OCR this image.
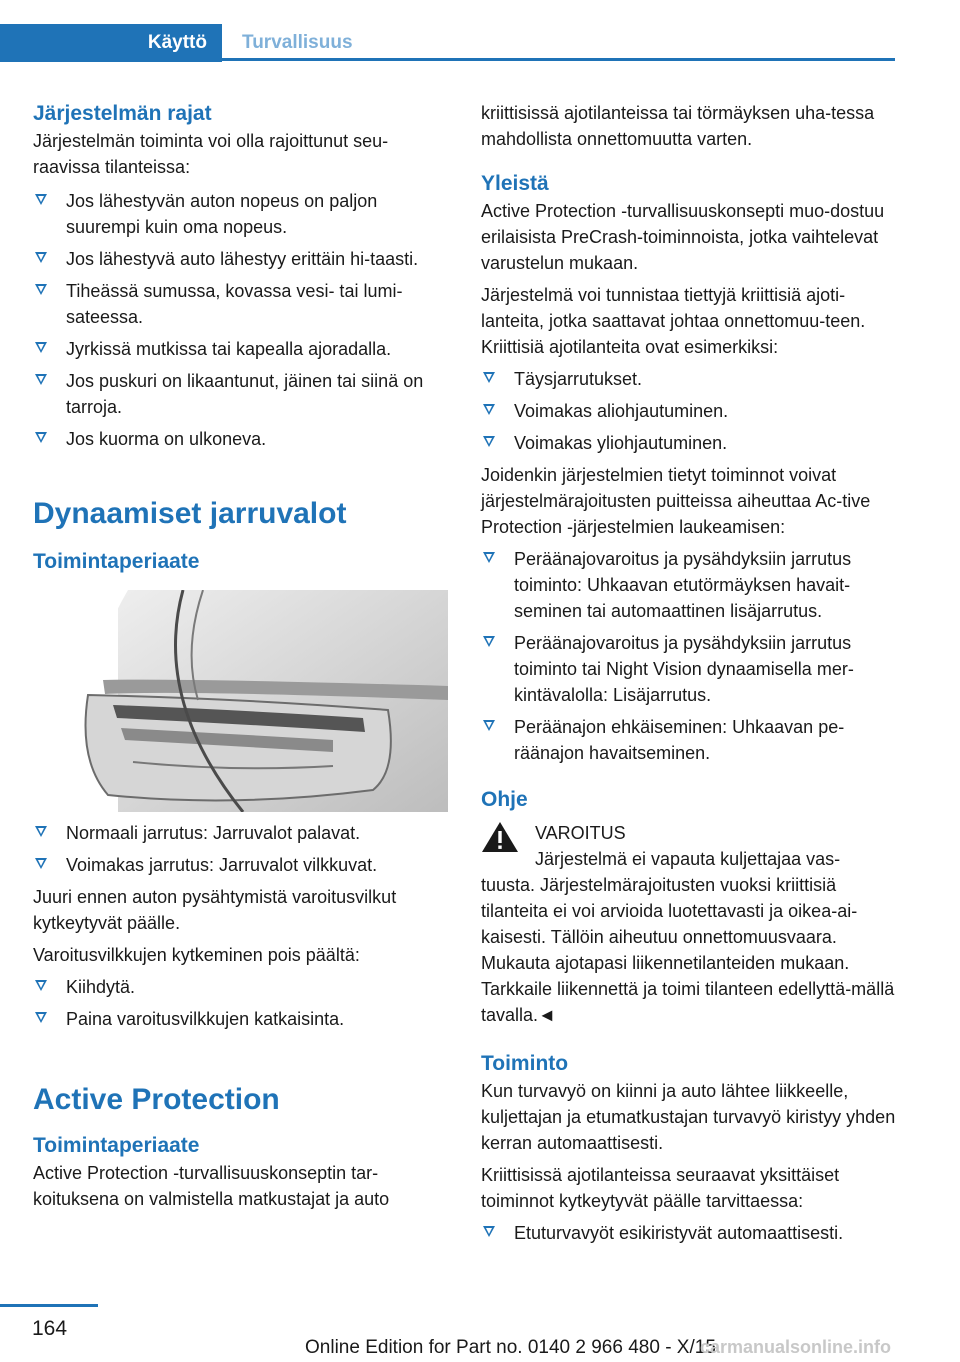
Käyttö	Turvallisuus
Järjestelmän rajat

Järjestelmän toiminta voi olla rajoittunut seu-raavissa tilanteissa:

Jos lähestyvän auton nopeus on paljon suurempi kuin oma nopeus.
Jos lähestyvä auto lähestyy erittäin hi-taasti.
Tiheässä sumussa, kovassa vesi- tai lumi-sateessa.
Jyrkissä mutkissa tai kapealla ajoradalla.
Jos puskuri on likaantunut, jäinen tai siinä on tarroja.
Jos kuorma on ulkoneva.
Dynaamiset jarruvalot
Toimintaperiaate
Normaali jarrutus: Jarruvalot palavat.
Voimakas jarrutus: Jarruvalot vilkkuvat.

Juuri ennen auton pysähtymistä varoitusvilkut kytkeytyvät päälle.

Varoitusvilkkujen kytkeminen pois päältä:

Kiihdytä.
Paina varoitusvilkkujen katkaisinta.
Active Protection
Toimintaperiaate

Active Protection -turvallisuuskonseptin tar-koituksena on valmistella matkustajat ja auto

kriittisissä ajotilanteissa tai törmäyksen uha-tessa mahdollista onnettomuutta varten.

Yleistä

Active Protection -turvallisuuskonsepti muo-dostuu erilaisista PreCrash-toiminnoista, jotka vaihtelevat varustelun mukaan.

Järjestelmä voi tunnistaa tiettyjä kriittisiä ajoti-lanteita, jotka saattavat johtaa onnettomuu-teen. Kriittisiä ajotilanteita ovat esimerkiksi:

Täysjarrutukset.
Voimakas aliohjautuminen.
Voimakas yliohjautuminen.

Joidenkin järjestelmien tietyt toiminnot voivat järjestelmärajoitusten puitteissa aiheuttaa Ac-tive Protection -järjestelmien laukeamisen:

Peräänajovaroitus ja pysähdyksiin jarrutus toiminto: Uhkaavan etutörmäyksen havait-seminen tai automaattinen lisäjarrutus.
Peräänajovaroitus ja pysähdyksiin jarrutus toiminto tai Night Vision dynaamisella mer-kintävalolla: Lisäjarrutus.
Peräänajon ehkäiseminen: Uhkaavan pe-räänajon havaitseminen.
Ohje

VAROITUS

Järjestelmä ei vapauta kuljettajaa vas-

tuusta. Järjestelmärajoitusten vuoksi kriittisiä tilanteita ei voi arvioida luotettavasti ja oikea-ai-kaisesti. Tällöin aiheutuu onnettomuusvaara. Mukauta ajotapasi liikennetilanteiden mukaan. Tarkkaile liikennettä ja toimi tilanteen edellyttä-mällä tavalla.◄

Toiminto

Kun turvavyö on kiinni ja auto lähtee liikkeelle, kuljettajan ja etumatkustajan turvavyö kiristyy yhden kerran automaattisesti.

Kriittisissä ajotilanteissa seuraavat yksittäiset toiminnot kytkeytyvät päälle tarvittaessa:

Etuturvavyöt esikiristyvät automaattisesti.
164
Online Edition for Part no. 0140 2 966 480 - X/15
carmanualsonline.info
